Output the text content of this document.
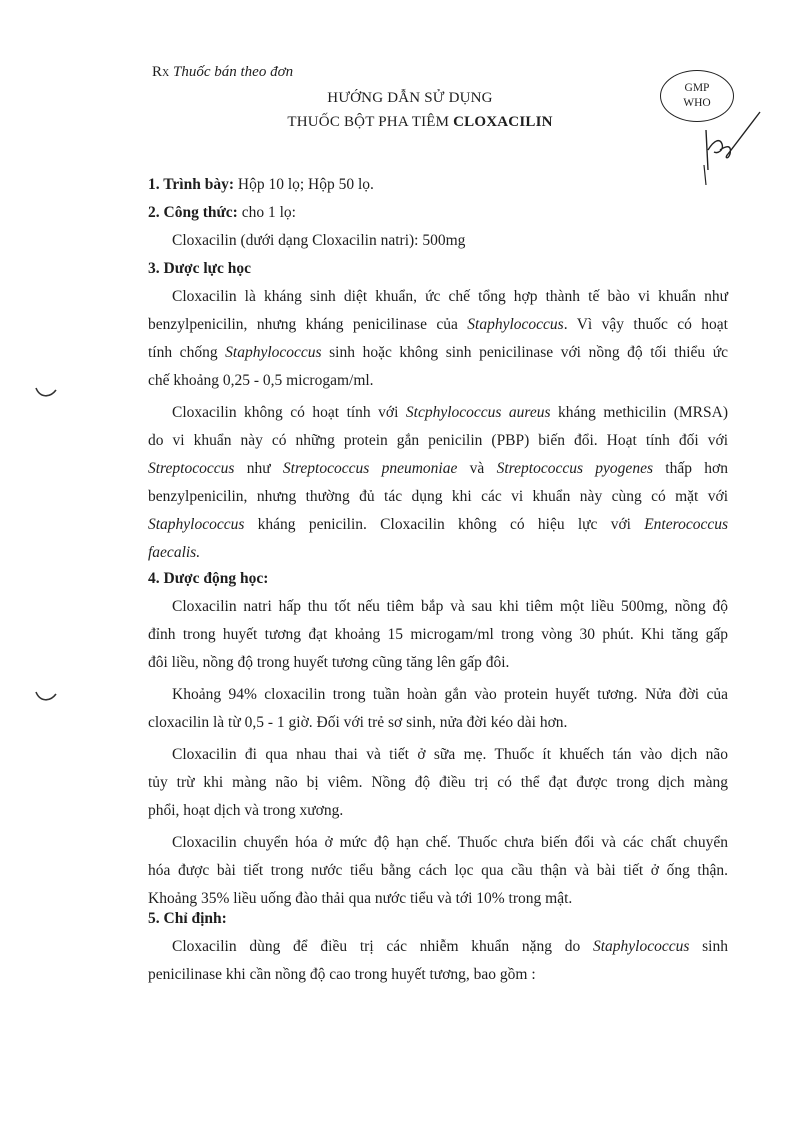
RX Thuốc bán theo đơn
HƯỚNG DẪN SỬ DỤNG
THUỐC BỘT PHA TIÊM CLOXACILIN
GMP
WHO
1. Trình bày: Hộp 10 lọ; Hộp 50 lọ.
2. Công thức: cho 1 lọ:
Cloxacilin (dưới dạng Cloxacilin natri): 500mg
3. Dược lực học
Cloxacilin là kháng sinh diệt khuẩn, ức chế tổng hợp thành tế bào vi khuẩn như
benzylpenicilin, nhưng kháng penicilinase của Staphylococcus. Vì vậy thuốc có hoạt
tính chống Staphylococcus sinh hoặc không sinh penicilinase với nồng độ tối thiểu ức
chế khoảng 0,25 - 0,5 microgam/ml.
Cloxacilin không có hoạt tính với Stcphylococcus aureus kháng methicilin (MRSA)
do vi khuẩn này có những protein gắn penicilin (PBP) biến đổi. Hoạt tính đối với
Streptococcus như Streptococcus pneumoniae và Streptococcus pyogenes thấp hơn
benzylpenicilin, nhưng thường đủ tác dụng khi các vi khuẩn này cùng có mặt với
Staphylococcus kháng penicilin. Cloxacilin không có hiệu lực với Enterococcus
faecalis.
4. Dược động học:
Cloxacilin natri hấp thu tốt nếu tiêm bắp và sau khi tiêm một liều 500mg, nồng độ
đỉnh trong huyết tương đạt khoảng 15 microgam/ml trong vòng 30 phút. Khi tăng gấp
đôi liều, nồng độ trong huyết tương cũng tăng lên gấp đôi.
Khoảng 94% cloxacilin trong tuần hoàn gắn vào protein huyết tương. Nửa đời của
cloxacilin là từ 0,5 - 1 giờ. Đối với trẻ sơ sinh, nửa đời kéo dài hơn.
Cloxacilin đi qua nhau thai và tiết ở sữa mẹ. Thuốc ít khuếch tán vào dịch não
tủy trừ khi màng não bị viêm. Nồng độ điều trị có thể đạt được trong dịch màng
phổi, hoạt dịch và trong xương.
Cloxacilin chuyển hóa ở mức độ hạn chế. Thuốc chưa biến đổi và các chất chuyển
hóa được bài tiết trong nước tiểu bằng cách lọc qua cầu thận và bài tiết ở ống thận.
Khoảng 35% liều uống đào thải qua nước tiểu và tới 10% trong mật.
5. Chỉ định:
Cloxacilin dùng để điều trị các nhiễm khuẩn nặng do Staphylococcus sinh
penicilinase khi cần nồng độ cao trong huyết tương, bao gồm :
